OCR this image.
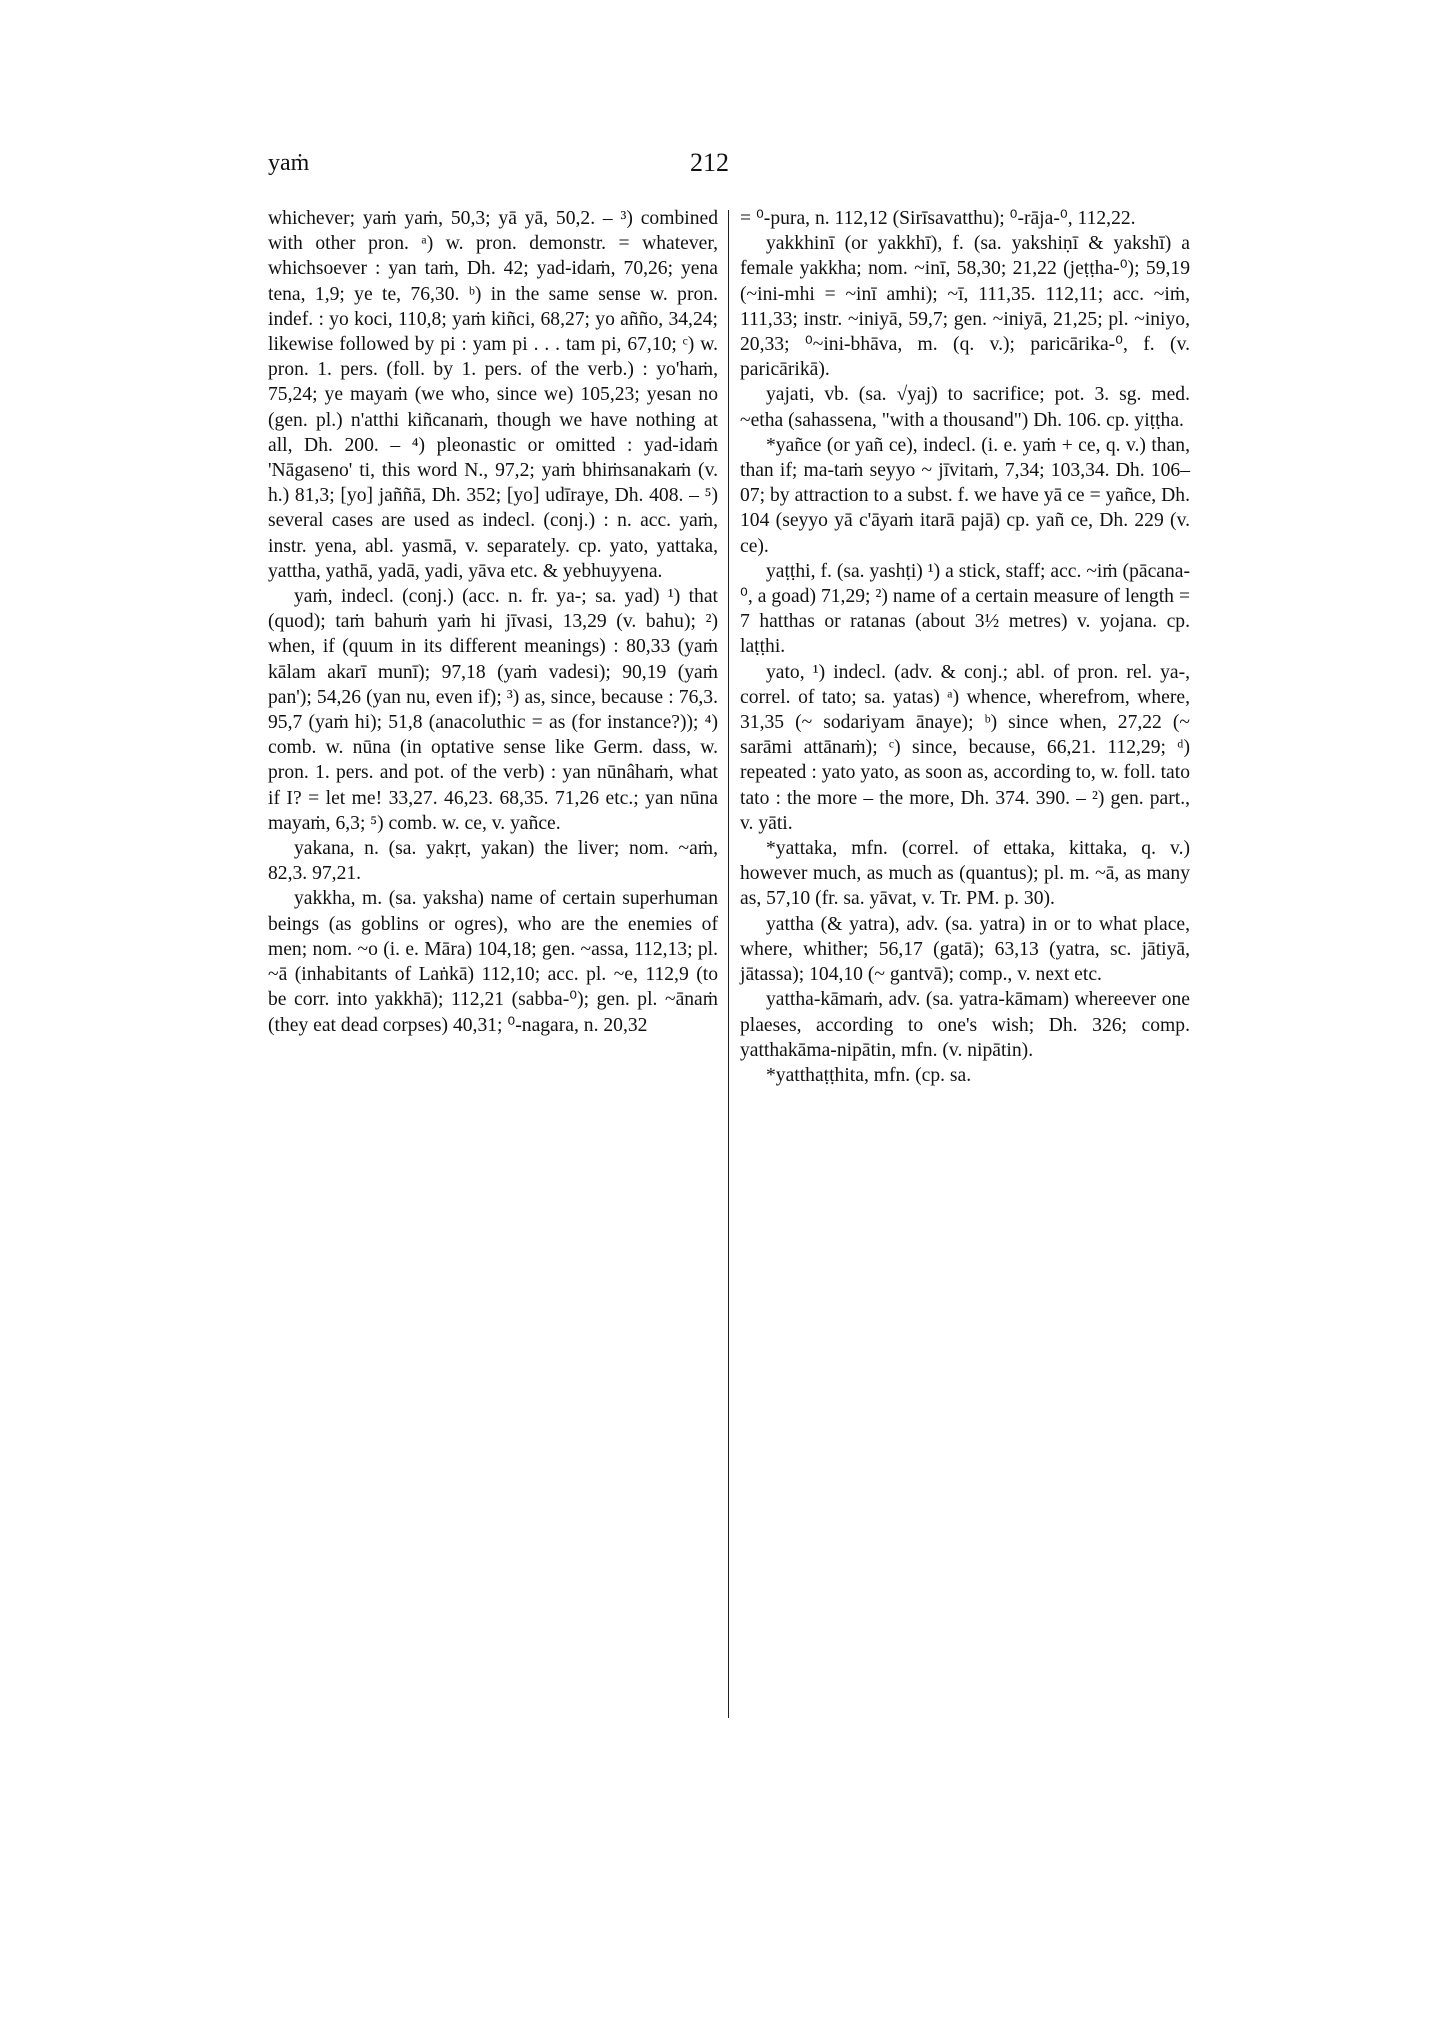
yaṁ	212

whichever; yaṁ yaṁ, 50,3; yā yā, 50,2. – ³) combined with other pron. ᵃ) w. pron. demonstr. = whatever, whichsoever : yan taṁ, Dh. 42; yad-idaṁ, 70,26; yena tena, 1,9; ye te, 76,30. ᵇ) in the same sense w. pron. indef. : yo koci, 110,8; yaṁ kiñci, 68,27; yo añño, 34,24; likewise followed by pi : yam pi . . . tam pi, 67,10; ᶜ) w. pron. 1. pers. (foll. by 1. pers. of the verb.) : yo'haṁ, 75,24; ye mayaṁ (we who, since we) 105,23; yesan no (gen. pl.) n'atthi kiñcanaṁ, though we have nothing at all, Dh. 200. – ⁴) pleonastic or omitted : yad-idaṁ 'Nāgaseno' ti, this word N., 97,2; yaṁ bhiṁsanakaṁ (v. h.) 81,3; [yo] jaññā, Dh. 352; [yo] udīraye, Dh. 408. – ⁵) several cases are used as indecl. (conj.) : n. acc. yaṁ, instr. yena, abl. yasmā, v. separately. cp. yato, yattaka, yattha, yathā, yadā, yadi, yāva etc. & yebhuyyena.

yaṁ, indecl. (conj.) (acc. n. fr. ya-; sa. yad) ¹) that (quod); taṁ bahuṁ yaṁ hi jīvasi, 13,29 (v. bahu); ²) when, if (quum in its different meanings) : 80,33 (yaṁ kālam akarī munī); 97,18 (yaṁ vadesi); 90,19 (yaṁ pan'); 54,26 (yan nu, even if); ³) as, since, because : 76,3. 95,7 (yaṁ hi); 51,8 (anacoluthic = as (for instance?)); ⁴) comb. w. nūna (in optative sense like Germ. dass, w. pron. 1. pers. and pot. of the verb) : yan nūnâhaṁ, what if I? = let me! 33,27. 46,23. 68,35. 71,26 etc.; yan nūna mayaṁ, 6,3; ⁵) comb. w. ce, v. yañce.

yakana, n. (sa. yakṛt, yakan) the liver; nom. ~aṁ, 82,3. 97,21.

yakkha, m. (sa. yaksha) name of certain superhuman beings (as goblins or ogres), who are the enemies of men; nom. ~o (i. e. Māra) 104,18; gen. ~assa, 112,13; pl. ~ā (inhabitants of Laṅkā) 112,10; acc. pl. ~e, 112,9 (to be corr. into yakkhā); 112,21 (sabba-⁰); gen. pl. ~ānaṁ (they eat dead corpses) 40,31; ⁰-nagara, n. 20,32

= ⁰-pura, n. 112,12 (Sirīsavatthu); ⁰-rāja-⁰, 112,22.

yakkhinī (or yakkhī), f. (sa. yakshiṇī & yakshī) a female yakkha; nom. ~inī, 58,30; 21,22 (jeṭṭha-⁰); 59,19 (~ini-mhi = ~inī amhi); ~ī, 111,35. 112,11; acc. ~iṁ, 111,33; instr. ~iniyā, 59,7; gen. ~iniyā, 21,25; pl. ~iniyo, 20,33; ⁰~ini-bhāva, m. (q. v.); paricārika-⁰, f. (v. paricārikā).

yajati, vb. (sa. √yaj) to sacrifice; pot. 3. sg. med. ~etha (sahassena, "with a thousand") Dh. 106. cp. yiṭṭha.

*yañce (or yañ ce), indecl. (i. e. yaṁ + ce, q. v.) than, than if; ma-taṁ seyyo ~ jīvitaṁ, 7,34; 103,34. Dh. 106–07; by attraction to a subst. f. we have yā ce = yañce, Dh. 104 (seyyo yā c'āyaṁ itarā pajā) cp. yañ ce, Dh. 229 (v. ce).

yaṭṭhi, f. (sa. yashṭi) ¹) a stick, staff; acc. ~iṁ (pācana-⁰, a goad) 71,29; ²) name of a certain measure of length = 7 hatthas or ratanas (about 3½ metres) v. yojana. cp. laṭṭhi.

yato, ¹) indecl. (adv. & conj.; abl. of pron. rel. ya-, correl. of tato; sa. yatas) ᵃ) whence, wherefrom, where, 31,35 (~ sodariyam ānaye); ᵇ) since when, 27,22 (~ sarāmi attānaṁ); ᶜ) since, because, 66,21. 112,29; ᵈ) repeated : yato yato, as soon as, according to, w. foll. tato tato : the more – the more, Dh. 374. 390. – ²) gen. part., v. yāti.

*yattaka, mfn. (correl. of ettaka, kittaka, q. v.) however much, as much as (quantus); pl. m. ~ā, as many as, 57,10 (fr. sa. yāvat, v. Tr. PM. p. 30).

yattha (& yatra), adv. (sa. yatra) in or to what place, where, whither; 56,17 (gatā); 63,13 (yatra, sc. jātiyā, jātassa); 104,10 (~ gantvā); comp., v. next etc.

yattha-kāmaṁ, adv. (sa. yatra-kāmam) whereever one plaeses, according to one's wish; Dh. 326; comp. yatthakāma-nipātin, mfn. (v. nipātin).

*yatthaṭṭhita, mfn. (cp. sa.
